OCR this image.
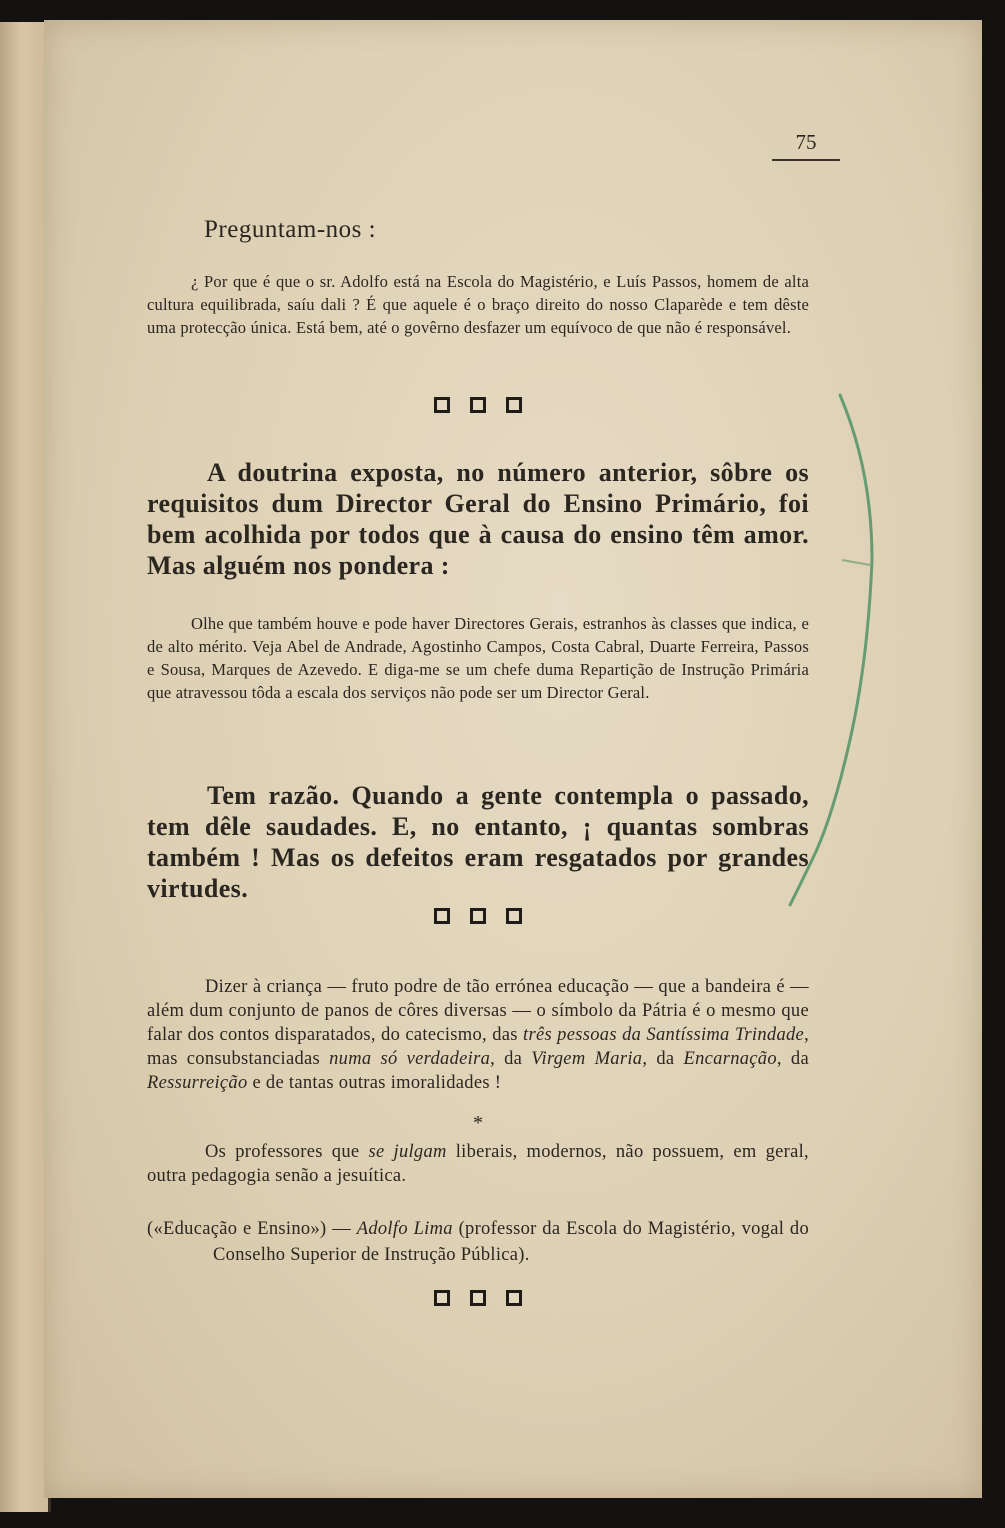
75
Preguntam-nos :

¿ Por que é que o sr. Adolfo está na Escola do Magistério, e Luís Passos, homem de alta cultura equilibrada, saíu dali ? É que aquele é o braço direito do nosso Claparède e tem dêste uma protecção única. Está bem, até o govêrno desfazer um equívoco de que não é responsável.

A doutrina exposta, no número anterior, sôbre os requisitos dum Director Geral do Ensino Primário, foi bem acolhida por todos que à causa do ensino têm amor. Mas alguém nos pondera :

Olhe que também houve e pode haver Directores Gerais, estranhos às classes que indica, e de alto mérito. Veja Abel de Andrade, Agostinho Campos, Costa Cabral, Duarte Ferreira, Passos e Sousa, Marques de Azevedo. E diga-me se um chefe duma Repartição de Instrução Primária que atravessou tôda a escala dos serviços não pode ser um Director Geral.

Tem razão. Quando a gente contempla o passado, tem dêle saudades. E, no entanto, ¡ quantas sombras também ! Mas os defeitos eram resgatados por grandes virtudes.

Dizer à criança — fruto podre de tão errónea educação — que a bandeira é — além dum conjunto de panos de côres diversas — o símbolo da Pátria é o mesmo que falar dos contos disparatados, do catecismo, das três pessoas da Santíssima Trindade, mas consubstanciadas numa só verdadeira, da Virgem Maria, da Encarnação, da Ressurreição e de tantas outras imoralidades !

*

Os professores que se julgam liberais, modernos, não possuem, em geral, outra pedagogia senão a jesuítica.

(«Educação e Ensino») — Adolfo Lima (professor da Escola do Magistério, vogal do Conselho Superior de Instrução Pública).
